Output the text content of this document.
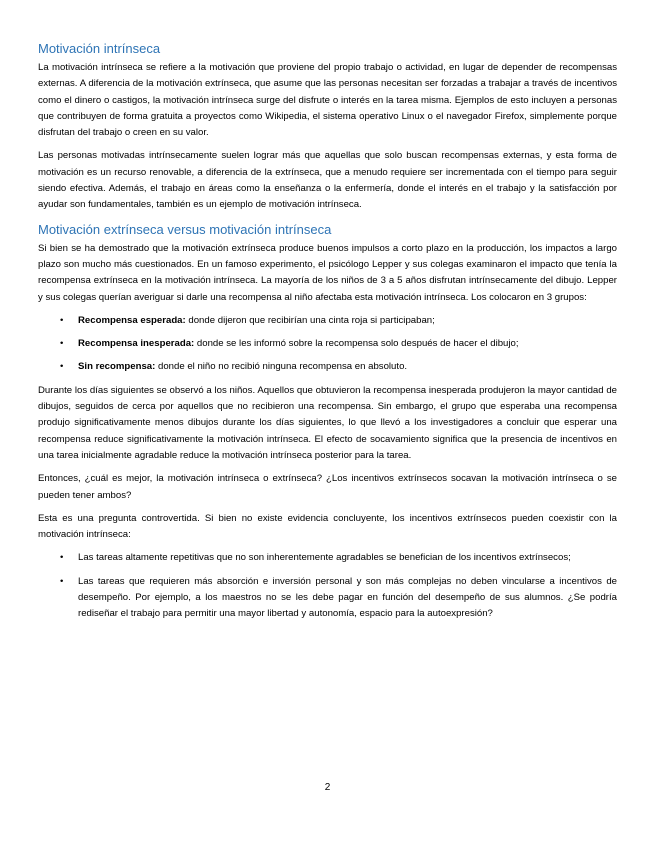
Motivación intrínseca

La motivación intrínseca se refiere a la motivación que proviene del propio trabajo o actividad, en lugar de depender de recompensas externas. A diferencia de la motivación extrínseca, que asume que las personas necesitan ser forzadas a trabajar a través de incentivos como el dinero o castigos, la motivación intrínseca surge del disfrute o interés en la tarea misma. Ejemplos de esto incluyen a personas que contribuyen de forma gratuita a proyectos como Wikipedia, el sistema operativo Linux o el navegador Firefox, simplemente porque disfrutan del trabajo o creen en su valor.

Las personas motivadas intrínsecamente suelen lograr más que aquellas que solo buscan recompensas externas, y esta forma de motivación es un recurso renovable, a diferencia de la extrínseca, que a menudo requiere ser incrementada con el tiempo para seguir siendo efectiva. Además, el trabajo en áreas como la enseñanza o la enfermería, donde el interés en el trabajo y la satisfacción por ayudar son fundamentales, también es un ejemplo de motivación intrínseca.

Motivación extrínseca versus motivación intrínseca

Si bien se ha demostrado que la motivación extrínseca produce buenos impulsos a corto plazo en la producción, los impactos a largo plazo son mucho más cuestionados. En un famoso experimento, el psicólogo Lepper y sus colegas examinaron el impacto que tenía la recompensa extrínseca en la motivación intrínseca. La mayoría de los niños de 3 a 5 años disfrutan intrínsecamente del dibujo. Lepper y sus colegas querían averiguar si darle una recompensa al niño afectaba esta motivación intrínseca. Los colocaron en 3 grupos:

• Recompensa esperada: donde dijeron que recibirían una cinta roja si participaban;
• Recompensa inesperada: donde se les informó sobre la recompensa solo después de hacer el dibujo;
• Sin recompensa: donde el niño no recibió ninguna recompensa en absoluto.

Durante los días siguientes se observó a los niños. Aquellos que obtuvieron la recompensa inesperada produjeron la mayor cantidad de dibujos, seguidos de cerca por aquellos que no recibieron una recompensa. Sin embargo, el grupo que esperaba una recompensa produjo significativamente menos dibujos durante los días siguientes, lo que llevó a los investigadores a concluir que esperar una recompensa reduce significativamente la motivación intrínseca. El efecto de socavamiento significa que la presencia de incentivos en una tarea inicialmente agradable reduce la motivación intrínseca posterior para la tarea.

Entonces, ¿cuál es mejor, la motivación intrínseca o extrínseca? ¿Los incentivos extrínsecos socavan la motivación intrínseca o se pueden tener ambos?

Esta es una pregunta controvertida. Si bien no existe evidencia concluyente, los incentivos extrínsecos pueden coexistir con la motivación intrínseca:

• Las tareas altamente repetitivas que no son inherentemente agradables se benefician de los incentivos extrínsecos;
• Las tareas que requieren más absorción e inversión personal y son más complejas no deben vincularse a incentivos de desempeño. Por ejemplo, a los maestros no se les debe pagar en función del desempeño de sus alumnos. ¿Se podría rediseñar el trabajo para permitir una mayor libertad y autonomía, espacio para la autoexpresión?
2
